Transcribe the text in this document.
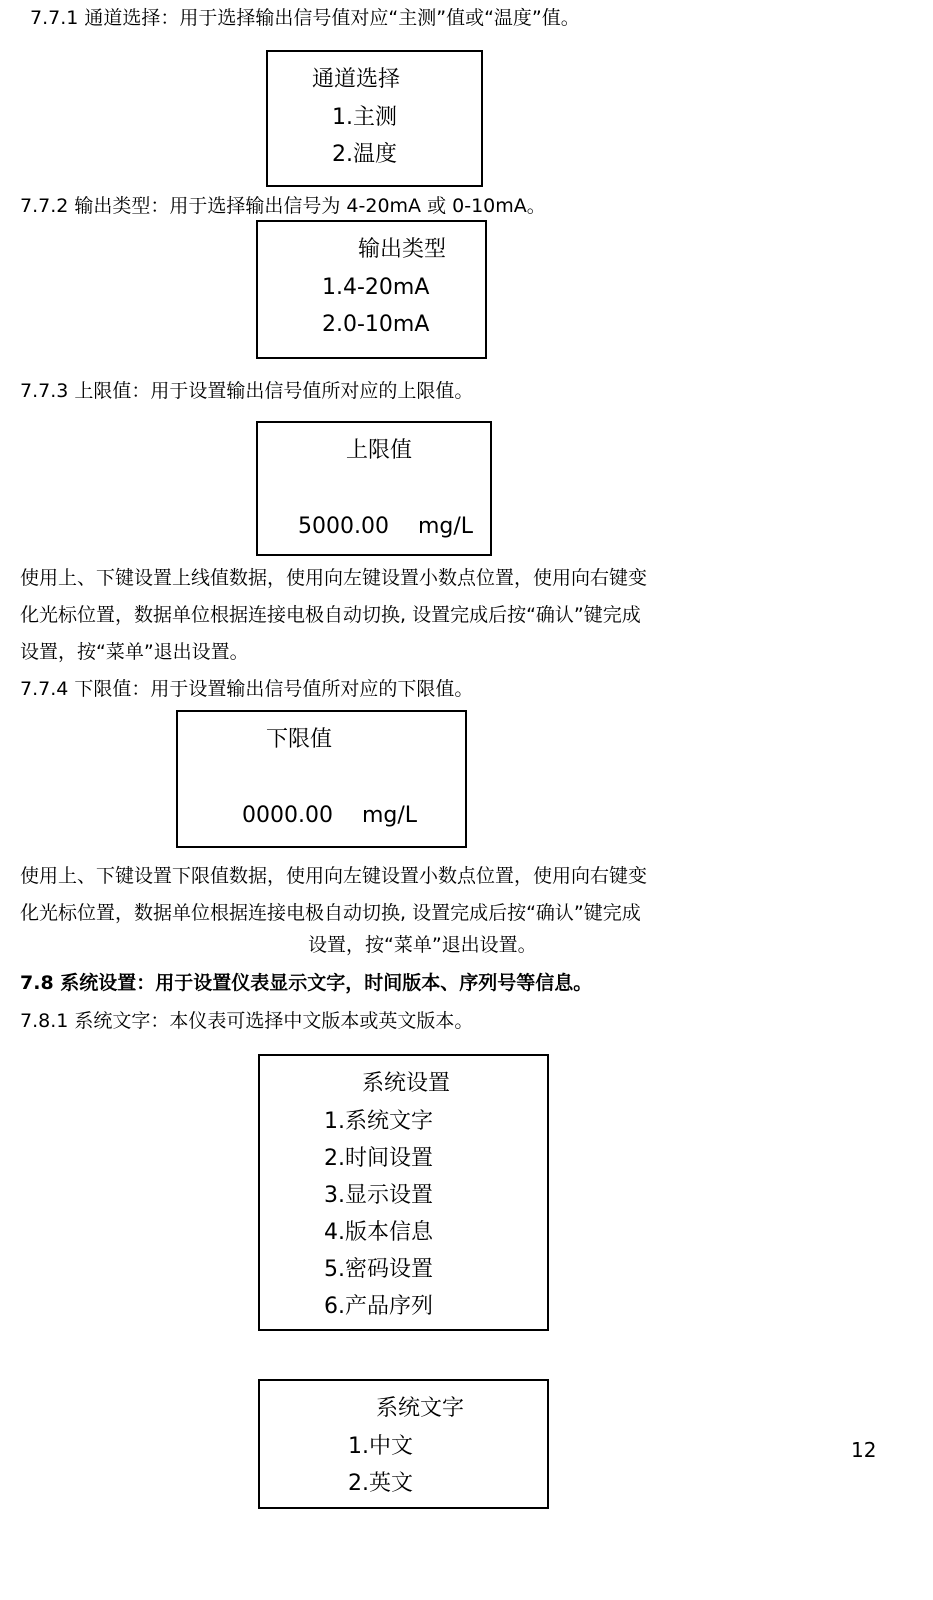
7.7.1 通道选择：用于选择输出信号值对应“主测”值或“温度”值。
通道选择
1.主测
2.温度
7.7.2 输出类型：用于选择输出信号为 4-20mA 或 0-10mA。
输出类型
1.4-20mA
2.0-10mA
7.7.3 上限值：用于设置输出信号值所对应的上限值。
上限值
5000.00 mg/L
使用上、下键设置上线值数据，使用向左键设置小数点位置，使用向右键变
化光标位置，数据单位根据连接电极自动切换, 设置完成后按“确认”键完成
设置，按“菜单”退出设置。
7.7.4 下限值：用于设置输出信号值所对应的下限值。
下限值
0000.00 mg/L
使用上、下键设置下限值数据，使用向左键设置小数点位置，使用向右键变
化光标位置，数据单位根据连接电极自动切换, 设置完成后按“确认”键完成
设置，按“菜单”退出设置。
7.8 系统设置：用于设置仪表显示文字，时间版本、序列号等信息。
7.8.1 系统文字：本仪表可选择中文版本或英文版本。
系统设置
1.系统文字
2.时间设置
3.显示设置
4.版本信息
5.密码设置
6.产品序列
系统文字
1.中文
2.英文
12
